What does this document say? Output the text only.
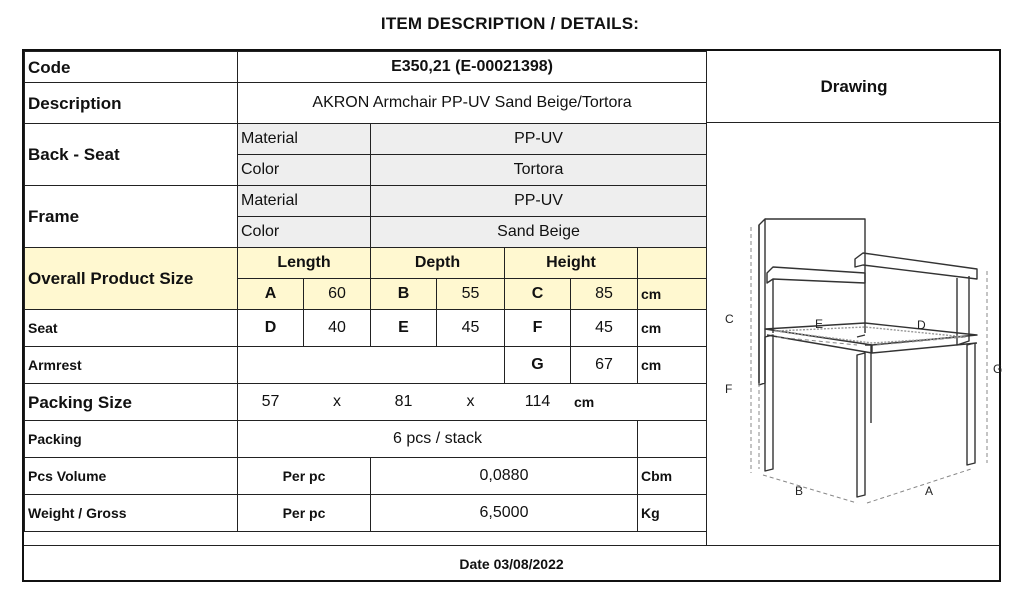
ITEM DESCRIPTION / DETAILS:
Code	E350,21 (E-00021398)						
Description	AKRON Armchair PP-UV Sand Beige/Tortora						
Back - Seat	Material		PP-UV				
	Color		Tortora				
Frame	Material		PP-UV				
	Color		Sand Beige				
Overall Product Size	Length		Depth		Height		
	A	60	B	55	C	85	cm
Seat	D	40	E	45	F	45	cm
Armrest					G	67	cm
Packing Size	57	x	81	x	114	cm	
Packing	6 pcs / stack						
Pcs Volume	Per pc		0,0880				Cbm
Weight / Gross	Per pc		6,5000				Kg
Drawing
C
F
G
E	D
B	A
Date 03/08/2022
